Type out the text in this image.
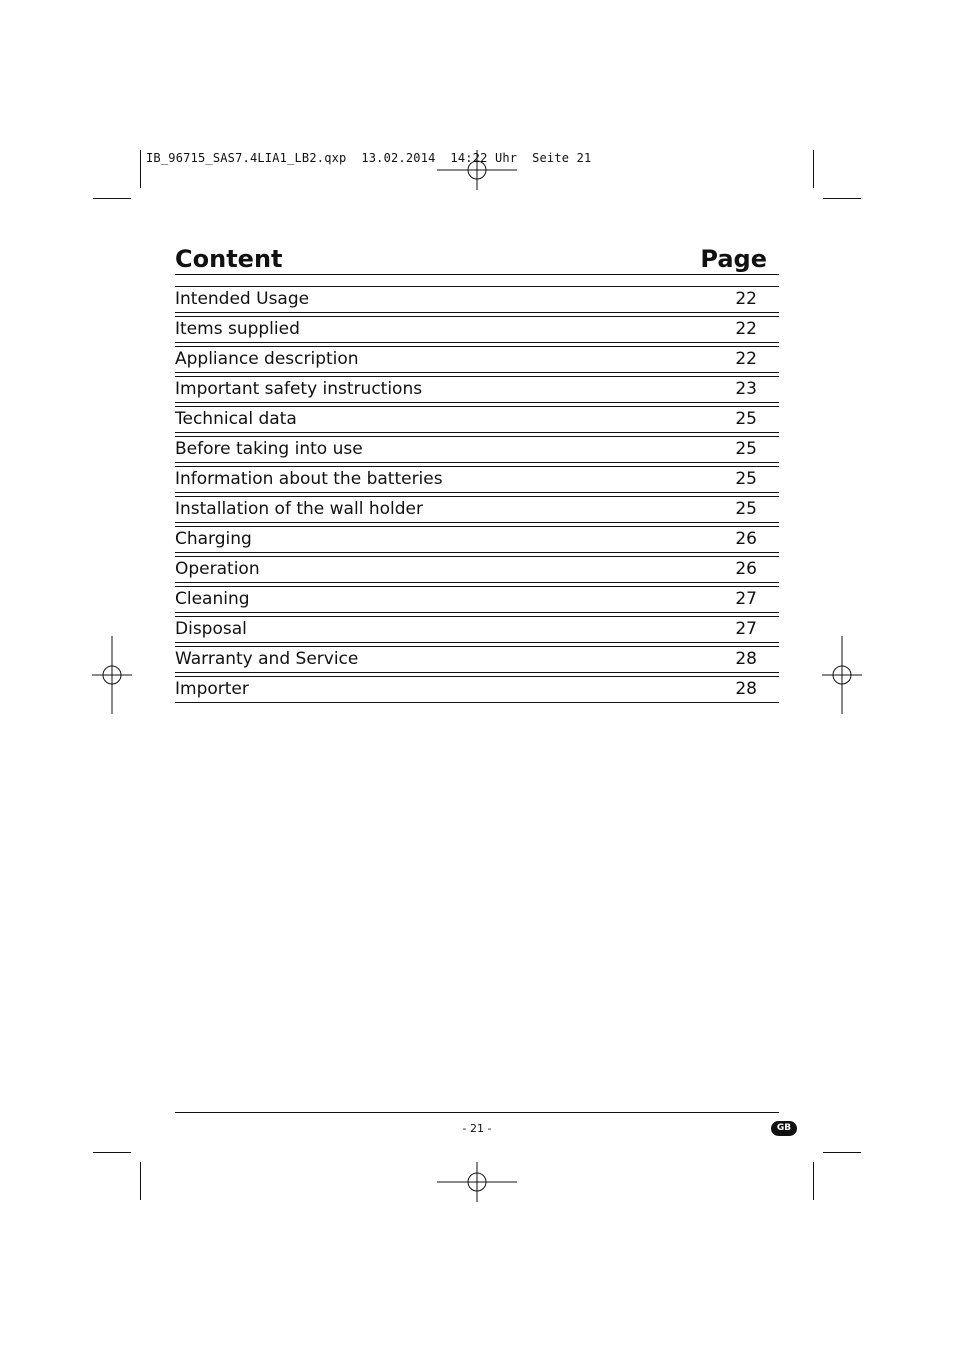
IB_96715_SAS7.4LIA1_LB2.qxp  13.02.2014  14:22 Uhr  Seite 21
Content	Page
Intended Usage	22
Items supplied	22
Appliance description	22
Important safety instructions	23
Technical data	25
Before taking into use	25
Information about the batteries	25
Installation of the wall holder	25
Charging	26
Operation	26
Cleaning	27
Disposal	27
Warranty and Service	28
Importer	28
- 21 -	GB
